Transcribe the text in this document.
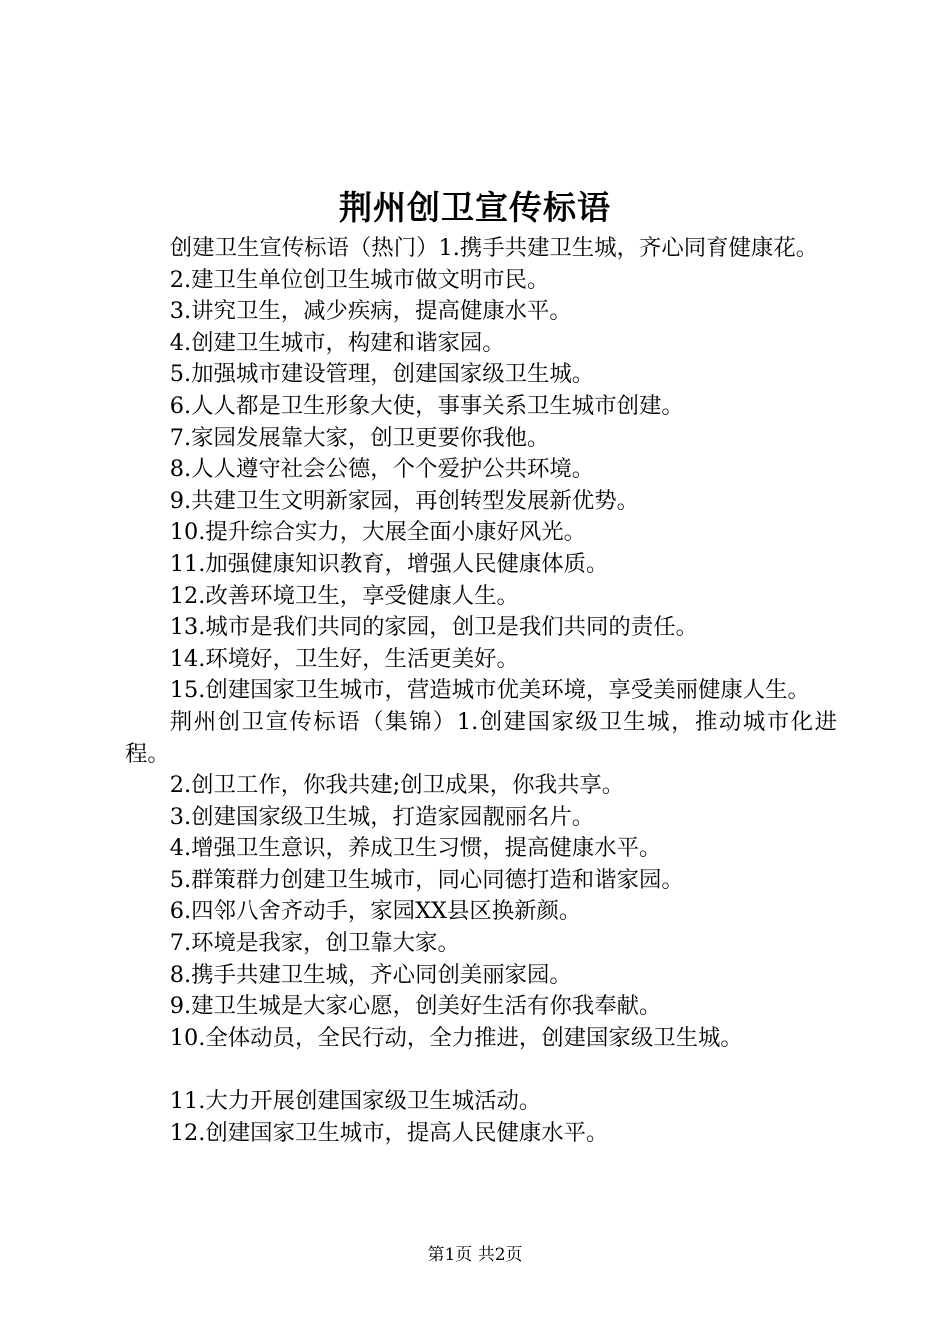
荆州创卫宣传标语

创建卫生宣传标语（热门）1.携手共建卫生城，齐心同育健康花。

2.建卫生单位创卫生城市做文明市民。

3.讲究卫生，减少疾病，提高健康水平。

4.创建卫生城市，构建和谐家园。

5.加强城市建设管理，创建国家级卫生城。

6.人人都是卫生形象大使，事事关系卫生城市创建。

7.家园发展靠大家，创卫更要你我他。

8.人人遵守社会公德，个个爱护公共环境。

9.共建卫生文明新家园，再创转型发展新优势。

10.提升综合实力，大展全面小康好风光。

11.加强健康知识教育，增强人民健康体质。

12.改善环境卫生，享受健康人生。

13.城市是我们共同的家园，创卫是我们共同的责任。

14.环境好，卫生好，生活更美好。

15.创建国家卫生城市，营造城市优美环境，享受美丽健康人生。

荆州创卫宣传标语（集锦）1.创建国家级卫生城，推动城市化进程。

2.创卫工作，你我共建;创卫成果，你我共享。

3.创建国家级卫生城，打造家园靓丽名片。

4.增强卫生意识，养成卫生习惯，提高健康水平。

5.群策群力创建卫生城市，同心同德打造和谐家园。

6.四邻八舍齐动手，家园XX县区换新颜。

7.环境是我家，创卫靠大家。

8.携手共建卫生城，齐心同创美丽家园。

9.建卫生城是大家心愿，创美好生活有你我奉献。

10.全体动员，全民行动，全力推进，创建国家级卫生城。

11.大力开展创建国家级卫生城活动。

12.创建国家卫生城市，提高人民健康水平。

第1页 共2页
